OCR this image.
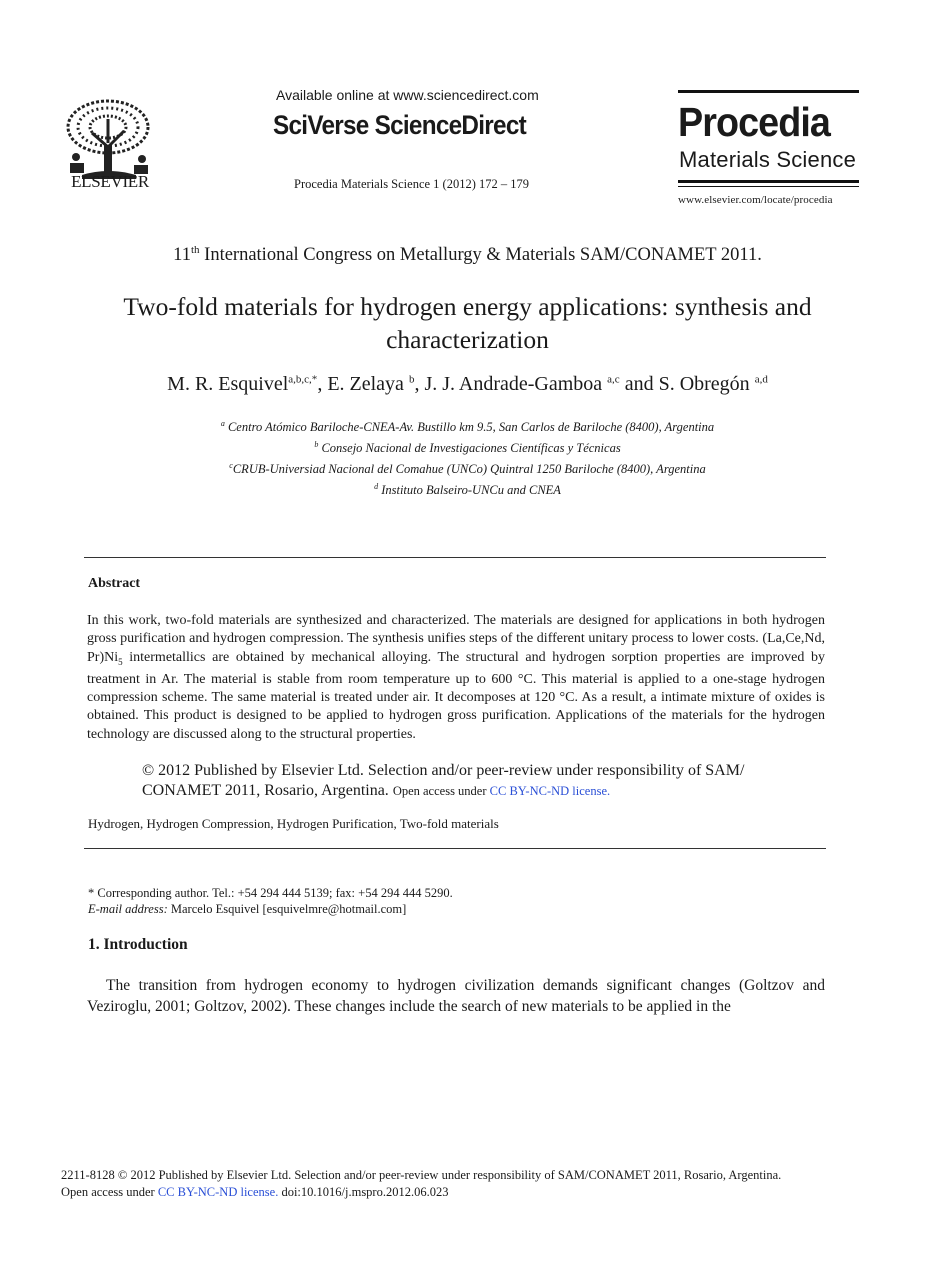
ELSEVIER
Available online at www.sciencedirect.com
SciVerse ScienceDirect
Procedia Materials Science 1 (2012) 172 – 179
Procedia
Materials Science
www.elsevier.com/locate/procedia
11th International Congress on Metallurgy & Materials SAM/CONAMET 2011.
Two-fold materials for hydrogen energy applications: synthesis and characterization
M. R. Esquivel$^{a,b,c,*}$, E. Zelaya $^b$, J. J. Andrade-Gamboa $^{a,c}$ and S. Obregón $^{a,d}$
$^a$ Centro Atómico Bariloche-CNEA-Av. Bustillo km 9.5, San Carlos de Bariloche (8400), Argentina
$^b$ Consejo Nacional de Investigaciones Científicas y Técnicas
$^c$CRUB-Universiad Nacional del Comahue (UNCo) Quintral 1250 Bariloche (8400), Argentina
$^d$ Instituto Balseiro-UNCu and CNEA
Abstract
In this work, two-fold materials are synthesized and characterized. The materials are designed for applications in both hydrogen gross purification and hydrogen compression. The synthesis unifies steps of the different unitary process to lower costs. (La,Ce,Nd, $Pr)Ni_5$ intermetallics are obtained by mechanical alloying. The structural and hydrogen sorption properties are improved by treatment in Ar. The material is stable from room temperature up to 600 °C. This material is applied to a one-stage hydrogen compression scheme. The same material is treated under air. It decomposes at 120 °C. As a result, a intimate mixture of oxides is obtained. This product is designed to be applied to hydrogen gross purification. Applications of the materials for the hydrogen technology are discussed along to the structural properties.
© 2012 Published by Elsevier Ltd. Selection and/or peer-review under responsibility of SAM/ CONAMET 2011, Rosario, Argentina. Open access under CC BY-NC-ND license.
Hydrogen, Hydrogen Compression, Hydrogen Purification, Two-fold materials
* Corresponding author. Tel.: +54 294 444 5139; fax: +54 294 444 5290.
E-mail address: Marcelo Esquivel [esquivelmre@hotmail.com]
1. Introduction
The transition from hydrogen economy to hydrogen civilization demands significant changes (Goltzov and Veziroglu, 2001; Goltzov, 2002). These changes include the search of new materials to be applied in the
2211-8128 © 2012 Published by Elsevier Ltd. Selection and/or peer-review under responsibility of SAM/CONAMET 2011, Rosario, Argentina.
Open access under CC BY-NC-ND license. doi:10.1016/j.mspro.2012.06.023
